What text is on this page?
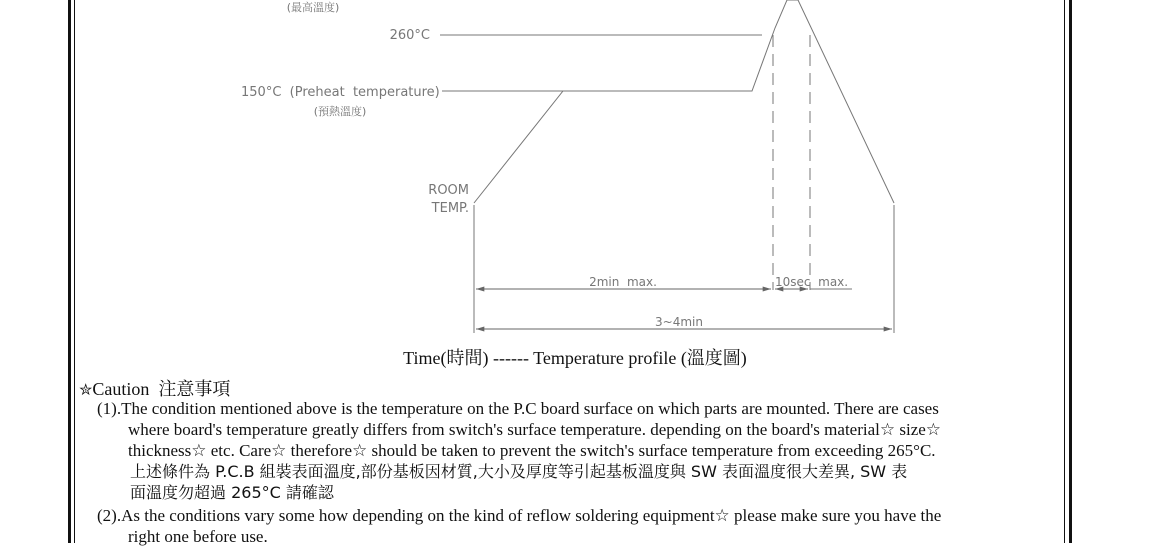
(最高溫度)
260°C
150°C  (Preheat  temperature)
(預熱溫度)
ROOM
TEMP.
2min  max.	10sec  max.
3~4min
Time(時間) ------ Temperature profile (溫度圖)
✮Caution 注意事項
(1).The condition mentioned above is the temperature on the P.C board surface on which parts are mounted. There are cases
where board's temperature greatly differs from switch's surface temperature. depending on the board's material☆ size☆
thickness☆ etc. Care☆ therefore☆ should be taken to prevent the switch's surface temperature from exceeding 265°C.
上述條件為 P.C.B 組裝表面溫度,部份基板因材質,大小及厚度等引起基板溫度與 SW 表面溫度很大差異, SW 表
面溫度勿超過 265°C 請確認
(2).As the conditions vary some how depending on the kind of reflow soldering equipment☆ please make sure you have the
right one before use.
